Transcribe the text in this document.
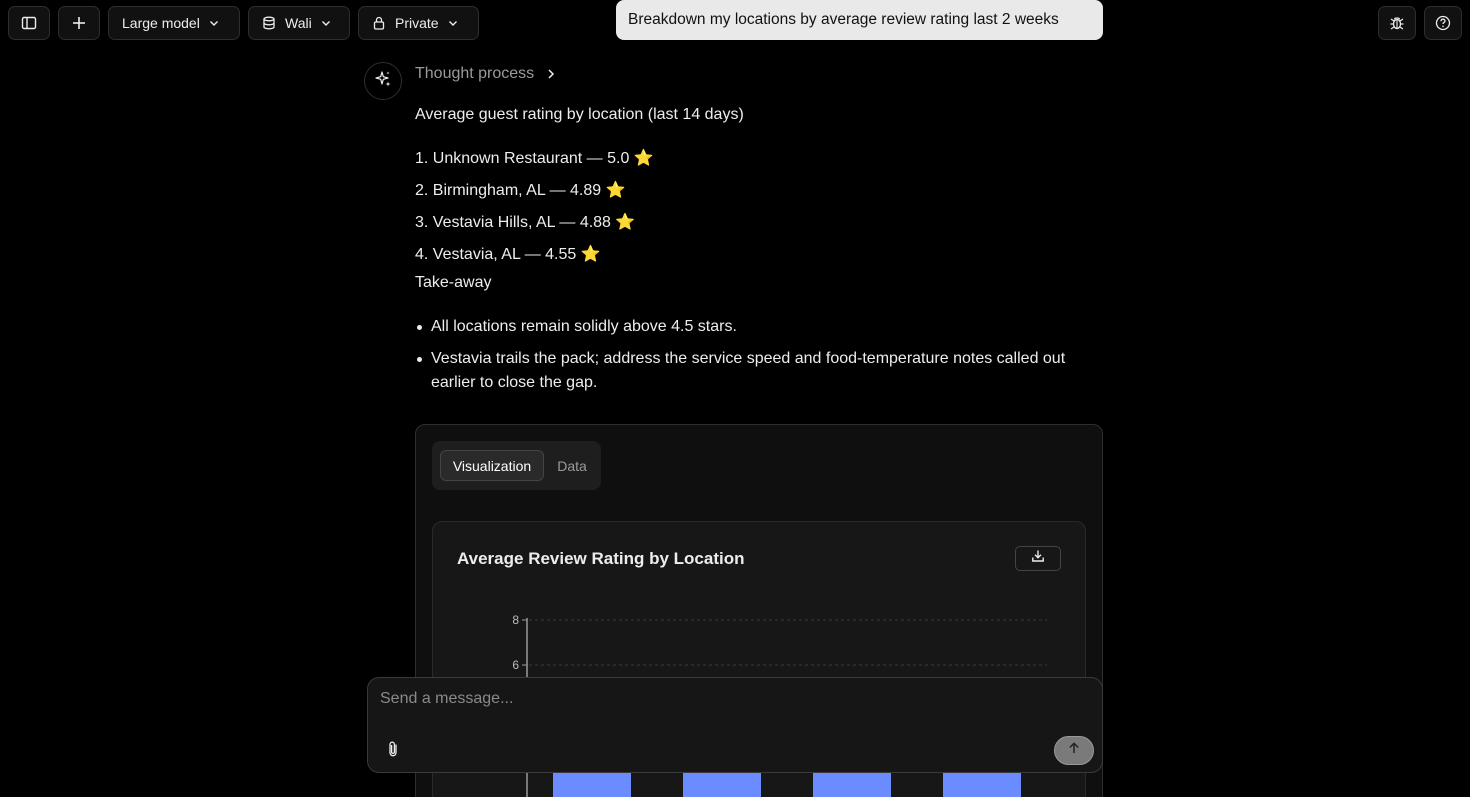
Large model	Wali	Private	Breakdown my locations by average review rating last 2 weeks
Thought process
Average guest rating by location (last 14 days)
1. Unknown Restaurant — 5.0 ⭐
2. Birmingham, AL — 4.89 ⭐
3. Vestavia Hills, AL — 4.88 ⭐
4. Vestavia, AL — 4.55 ⭐
Take-away
All locations remain solidly above 4.5 stars.
Vestavia trails the pack; address the service speed and food-temperature notes called out earlier to close the gap.
Visualization	Data
Average Review Rating by Location
8
6
Send a message...
